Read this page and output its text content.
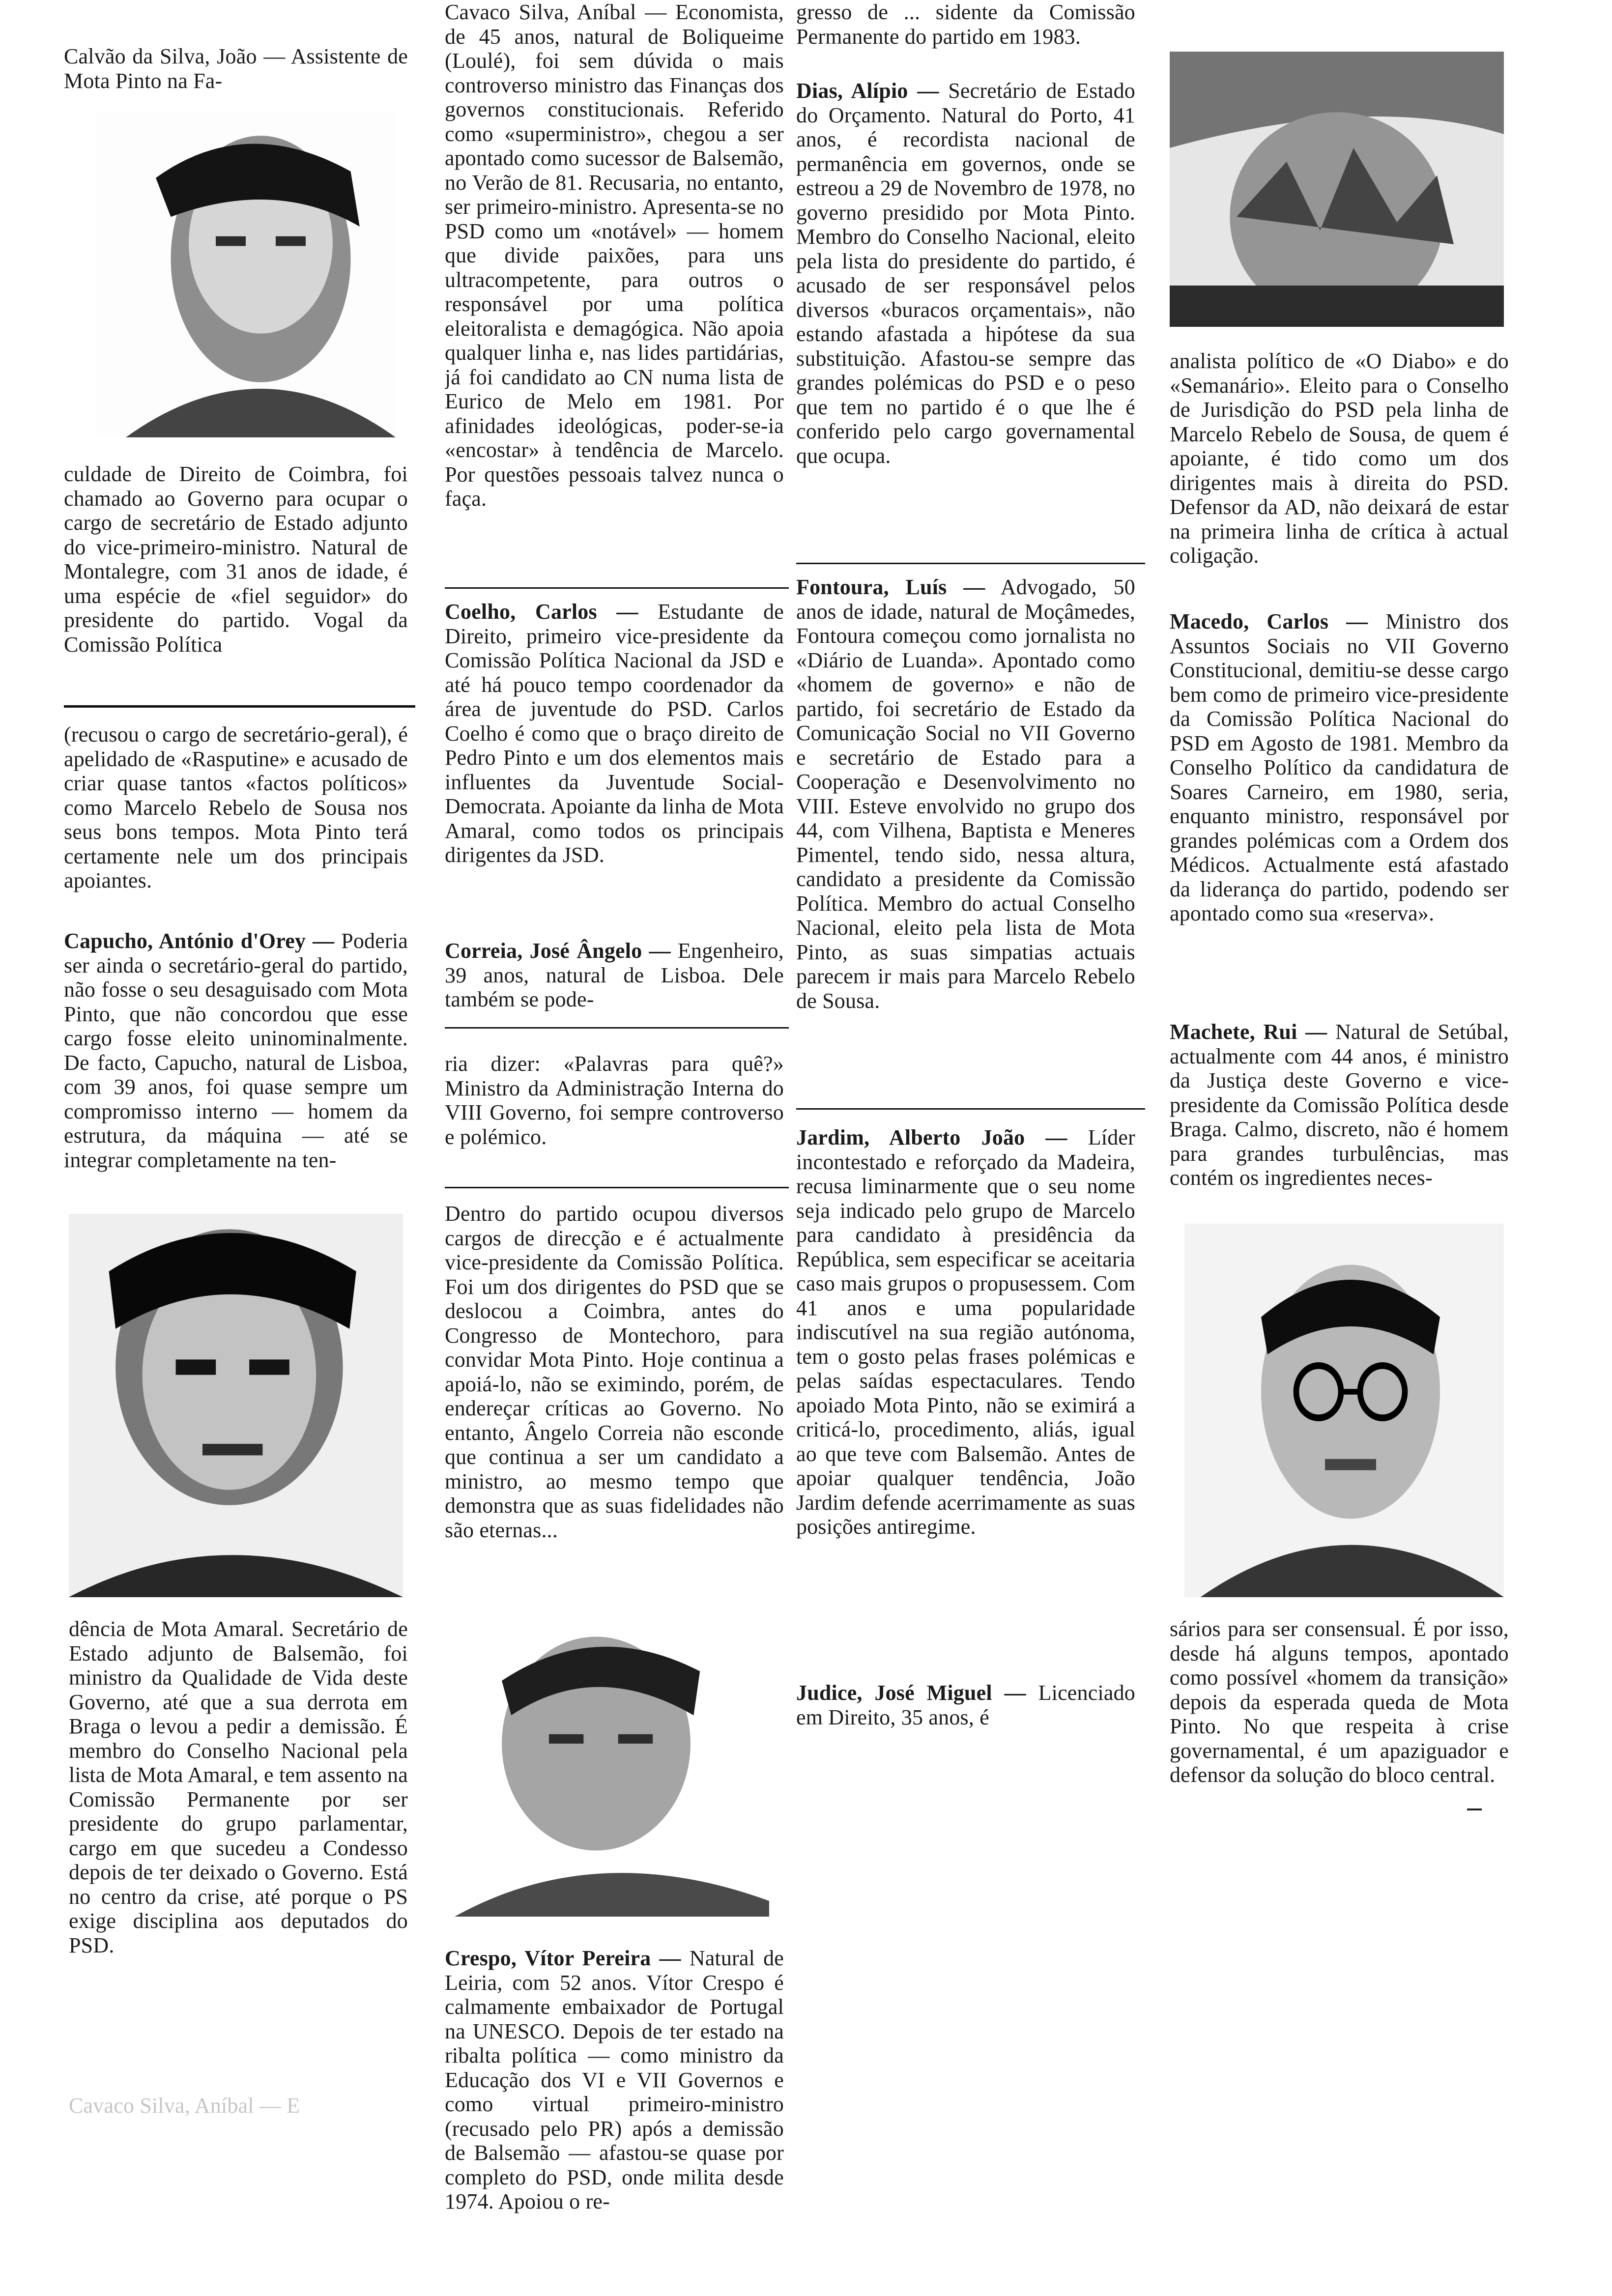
Calvão da Silva, João — Assistente de Mota Pinto na Fa-

culdade de Direito de Coimbra, foi chamado ao Governo para ocupar o cargo de secretário de Estado adjunto do vice-primeiro-ministro. Natural de Montalegre, com 31 anos de idade, é uma espécie de «fiel seguidor» do presidente do partido. Vogal da Comissão Política

(recusou o cargo de secretário-geral), é apelidado de «Rasputine» e acusado de criar quase tantos «factos políticos» como Marcelo Rebelo de Sousa nos seus bons tempos. Mota Pinto terá certamente nele um dos principais apoiantes.

Capucho, António d'Orey — Poderia ser ainda o secretário-geral do partido, não fosse o seu desaguisado com Mota Pinto, que não concordou que esse cargo fosse eleito uninominalmente. De facto, Capucho, natural de Lisboa, com 39 anos, foi quase sempre um compromisso interno — homem da estrutura, da máquina — até se integrar completamente na ten-

dência de Mota Amaral. Secretário de Estado adjunto de Balsemão, foi ministro da Qualidade de Vida deste Governo, até que a sua derrota em Braga o levou a pedir a demissão. É membro do Conselho Nacional pela lista de Mota Amaral, e tem assento na Comissão Permanente por ser presidente do grupo parlamentar, cargo em que sucedeu a Condesso depois de ter deixado o Governo. Está no centro da crise, até porque o PS exige disciplina aos deputados do PSD.

Cavaco Silva, Aníbal — E

Cavaco Silva, Aníbal — Economista, de 45 anos, natural de Boliqueime (Loulé), foi sem dúvida o mais controverso ministro das Finanças dos governos constitucionais. Referido como «superministro», chegou a ser apontado como sucessor de Balsemão, no Verão de 81. Recusaria, no entanto, ser primeiro-ministro. Apresenta-se no PSD como um «notável» — homem que divide paixões, para uns ultracompetente, para outros o responsável por uma política eleitoralista e demagógica. Não apoia qualquer linha e, nas lides partidárias, já foi candidato ao CN numa lista de Eurico de Melo em 1981. Por afinidades ideológicas, poder-se-ia «encostar» à tendência de Marcelo. Por questões pessoais talvez nunca o faça.

Coelho, Carlos — Estudante de Direito, primeiro vice-presidente da Comissão Política Nacional da JSD e até há pouco tempo coordenador da área de juventude do PSD. Carlos Coelho é como que o braço direito de Pedro Pinto e um dos elementos mais influentes da Juventude Social-Democrata. Apoiante da linha de Mota Amaral, como todos os principais dirigentes da JSD.

Correia, José Ângelo — Engenheiro, 39 anos, natural de Lisboa. Dele também se pode-

ria dizer: «Palavras para quê?» Ministro da Administração Interna do VIII Governo, foi sempre controverso e polémico.

Dentro do partido ocupou diversos cargos de direcção e é actualmente vice-presidente da Comissão Política. Foi um dos dirigentes do PSD que se deslocou a Coimbra, antes do Congresso de Montechoro, para convidar Mota Pinto. Hoje continua a apoiá-lo, não se eximindo, porém, de endereçar críticas ao Governo. No entanto, Ângelo Correia não esconde que continua a ser um candidato a ministro, ao mesmo tempo que demonstra que as suas fidelidades não são eternas...

Crespo, Vítor Pereira — Natural de Leiria, com 52 anos. Vítor Crespo é calmamente embaixador de Portugal na UNESCO. Depois de ter estado na ribalta política — como ministro da Educação dos VI e VII Governos e como virtual primeiro-ministro (recusado pelo PR) após a demissão de Balsemão — afastou-se quase por completo do PSD, onde milita desde 1974. Apoiou o re-

gresso de ... sidente da Comissão Permanente do partido em 1983.

Dias, Alípio — Secretário de Estado do Orçamento. Natural do Porto, 41 anos, é recordista nacional de permanência em governos, onde se estreou a 29 de Novembro de 1978, no governo presidido por Mota Pinto. Membro do Conselho Nacional, eleito pela lista do presidente do partido, é acusado de ser responsável pelos diversos «buracos orçamentais», não estando afastada a hipótese da sua substituição. Afastou-se sempre das grandes polémicas do PSD e o peso que tem no partido é o que lhe é conferido pelo cargo governamental que ocupa.

Fontoura, Luís — Advogado, 50 anos de idade, natural de Moçâmedes, Fontoura começou como jornalista no «Diário de Luanda». Apontado como «homem de governo» e não de partido, foi secretário de Estado da Comunicação Social no VII Governo e secretário de Estado para a Cooperação e Desenvolvimento no VIII. Esteve envolvido no grupo dos 44, com Vilhena, Baptista e Meneres Pimentel, tendo sido, nessa altura, candidato a presidente da Comissão Política. Membro do actual Conselho Nacional, eleito pela lista de Mota Pinto, as suas simpatias actuais parecem ir mais para Marcelo Rebelo de Sousa.

Jardim, Alberto João — Líder incontestado e reforçado da Madeira, recusa liminarmente que o seu nome seja indicado pelo grupo de Marcelo para candidato à presidência da República, sem especificar se aceitaria caso mais grupos o propusessem. Com 41 anos e uma popularidade indiscutível na sua região autónoma, tem o gosto pelas frases polémicas e pelas saídas espectaculares. Tendo apoiado Mota Pinto, não se eximirá a criticá-lo, procedimento, aliás, igual ao que teve com Balsemão. Antes de apoiar qualquer tendência, João Jardim defende acerrimamente as suas posições antiregime.

Judice, José Miguel — Licenciado em Direito, 35 anos, é

analista político de «O Diabo» e do «Semanário». Eleito para o Conselho de Jurisdição do PSD pela linha de Marcelo Rebelo de Sousa, de quem é apoiante, é tido como um dos dirigentes mais à direita do PSD. Defensor da AD, não deixará de estar na primeira linha de crítica à actual coligação.

Macedo, Carlos — Ministro dos Assuntos Sociais no VII Governo Constitucional, demitiu-se desse cargo bem como de primeiro vice-presidente da Comissão Política Nacional do PSD em Agosto de 1981. Membro da Conselho Político da candidatura de Soares Carneiro, em 1980, seria, enquanto ministro, responsável por grandes polémicas com a Ordem dos Médicos. Actualmente está afastado da liderança do partido, podendo ser apontado como sua «reserva».

Machete, Rui — Natural de Setúbal, actualmente com 44 anos, é ministro da Justiça deste Governo e vice-presidente da Comissão Política desde Braga. Calmo, discreto, não é homem para grandes turbulências, mas contém os ingredientes neces-

sários para ser consensual. É por isso, desde há alguns tempos, apontado como possível «homem da transição» depois da esperada queda de Mota Pinto. No que respeita à crise governamental, é um apaziguador e defensor da solução do bloco central.
